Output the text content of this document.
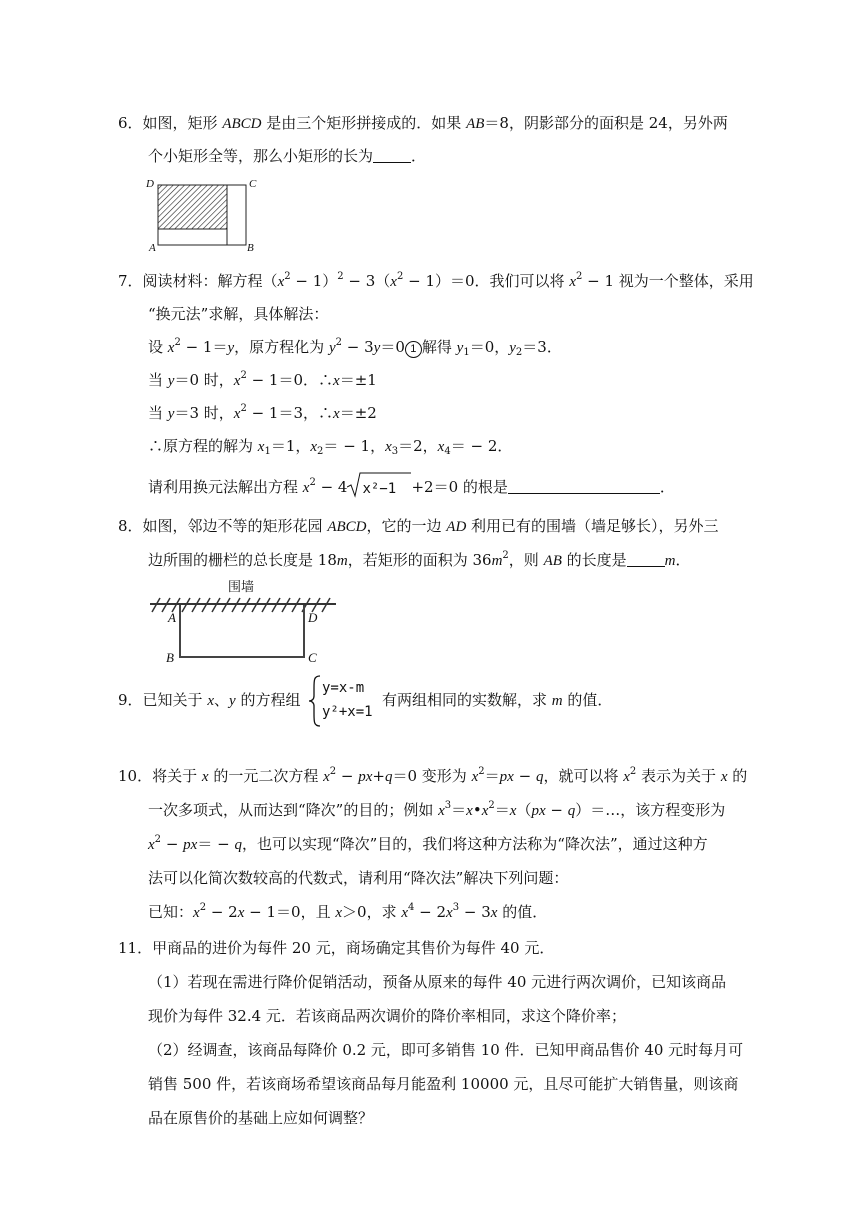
6．如图，矩形 ABCD 是由三个矩形拼接成的．如果 AB＝8，阴影部分的面积是 24，另外两
个小矩形全等，那么小矩形的长为	．
D	C
A	B
7．阅读材料：解方程$(x^2 - 1)^2 - 3(x^2 - 1)=0$．我们可以将 $x^2 - 1$ 视为一个整体，采用
“换元法”求解，具体解法：
设 $x^2 - 1=y$，原方程化为 $y^2 - 3y=0$ 1 解得 $y_1=0$，$y_2=3$．
当 y＝0 时，$x^2 - 1=0$．∴x＝±1
当 y＝3 时，$x^2 - 1=3$，∴x＝±2
∴原方程的解为 $x_1=1$，$x_2= - 1$，$x_3=2$，$x_4= - 2$．
请利用换元法解出方程 $x^2 - 4$ x²−1 +2＝0 的根是	．
8．如图，邻边不等的矩形花园 ABCD，它的一边 AD 利用已有的围墙（墙足够长），另外三
边所围的栅栏的总长度是 18m，若矩形的面积为 $36m^2$，则 AB 的长度是	m．
围墙
A	D
B	C
9．已知关于 x、y 的方程组
y=x-m
y²+x=1
有两组相同的实数解，求 m 的值．
10．将关于 x 的一元二次方程 $x^2 - px+q=0$ 变形为 $x^2=px - q$，就可以将 $x^2$ 表示为关于 x 的
一次多项式，从而达到“降次”的目的；例如 $x^3=x•x^2=x(px$ − q）＝…，该方程变形为
$x^2 - px= - q$，也可以实现“降次”目的，我们将这种方法称为“降次法”，通过这种方
法可以化简次数较高的代数式，请利用“降次法”解决下列问题：
已知：$x^2 - 2x - 1=0$，且 x＞0，求 $x^4 - 2x^3 - 3x$ 的值．
11．甲商品的进价为每件 20 元，商场确定其售价为每件 40 元．
（1）若现在需进行降价促销活动，预备从原来的每件 40 元进行两次调价，已知该商品
现价为每件 32.4 元．若该商品两次调价的降价率相同，求这个降价率；
（2）经调查，该商品每降价 0.2 元，即可多销售 10 件．已知甲商品售价 40 元时每月可
销售 500 件，若该商场希望该商品每月能盈利 10000 元，且尽可能扩大销售量，则该商
品在原售价的基础上应如何调整？
